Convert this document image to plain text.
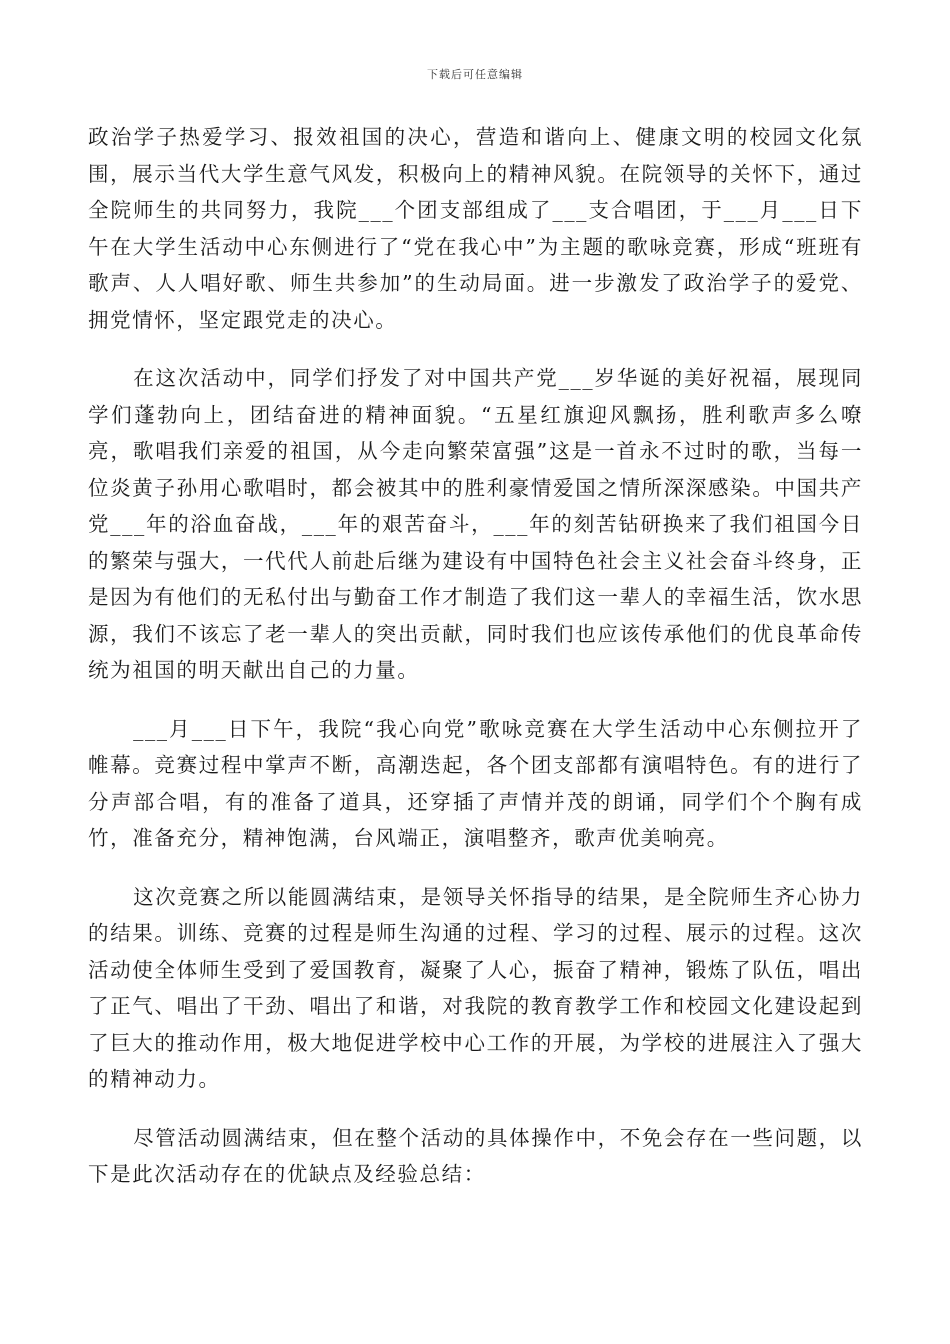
下载后可任意编辑

政治学子热爱学习、报效祖国的决心，营造和谐向上、健康文明的校园文化氛围，展示当代大学生意气风发，积极向上的精神风貌。在院领导的关怀下，通过全院师生的共同努力，我院___个团支部组成了___支合唱团，于___月___日下午在大学生活动中心东侧进行了“党在我心中”为主题的歌咏竞赛，形成“班班有歌声、人人唱好歌、师生共参加”的生动局面。进一步激发了政治学子的爱党、拥党情怀，坚定跟党走的决心。

在这次活动中，同学们抒发了对中国共产党___岁华诞的美好祝福，展现同学们蓬勃向上，团结奋进的精神面貌。“五星红旗迎风飘扬，胜利歌声多么嘹亮，歌唱我们亲爱的祖国，从今走向繁荣富强”这是一首永不过时的歌，当每一位炎黄子孙用心歌唱时，都会被其中的胜利豪情爱国之情所深深感染。中国共产党___年的浴血奋战，___年的艰苦奋斗，___年的刻苦钻研换来了我们祖国今日的繁荣与强大，一代代人前赴后继为建设有中国特色社会主义社会奋斗终身，正是因为有他们的无私付出与勤奋工作才制造了我们这一辈人的幸福生活，饮水思源，我们不该忘了老一辈人的突出贡献，同时我们也应该传承他们的优良革命传统为祖国的明天献出自己的力量。

___月___日下午，我院“我心向党”歌咏竞赛在大学生活动中心东侧拉开了帷幕。竞赛过程中掌声不断，高潮迭起，各个团支部都有演唱特色。有的进行了分声部合唱，有的准备了道具，还穿插了声情并茂的朗诵，同学们个个胸有成竹，准备充分，精神饱满，台风端正，演唱整齐，歌声优美响亮。

这次竞赛之所以能圆满结束，是领导关怀指导的结果，是全院师生齐心协力的结果。训练、竞赛的过程是师生沟通的过程、学习的过程、展示的过程。这次活动使全体师生受到了爱国教育，凝聚了人心，振奋了精神，锻炼了队伍，唱出了正气、唱出了干劲、唱出了和谐，对我院的教育教学工作和校园文化建设起到了巨大的推动作用，极大地促进学校中心工作的开展，为学校的进展注入了强大的精神动力。

尽管活动圆满结束，但在整个活动的具体操作中，不免会存在一些问题，以下是此次活动存在的优缺点及经验总结：
